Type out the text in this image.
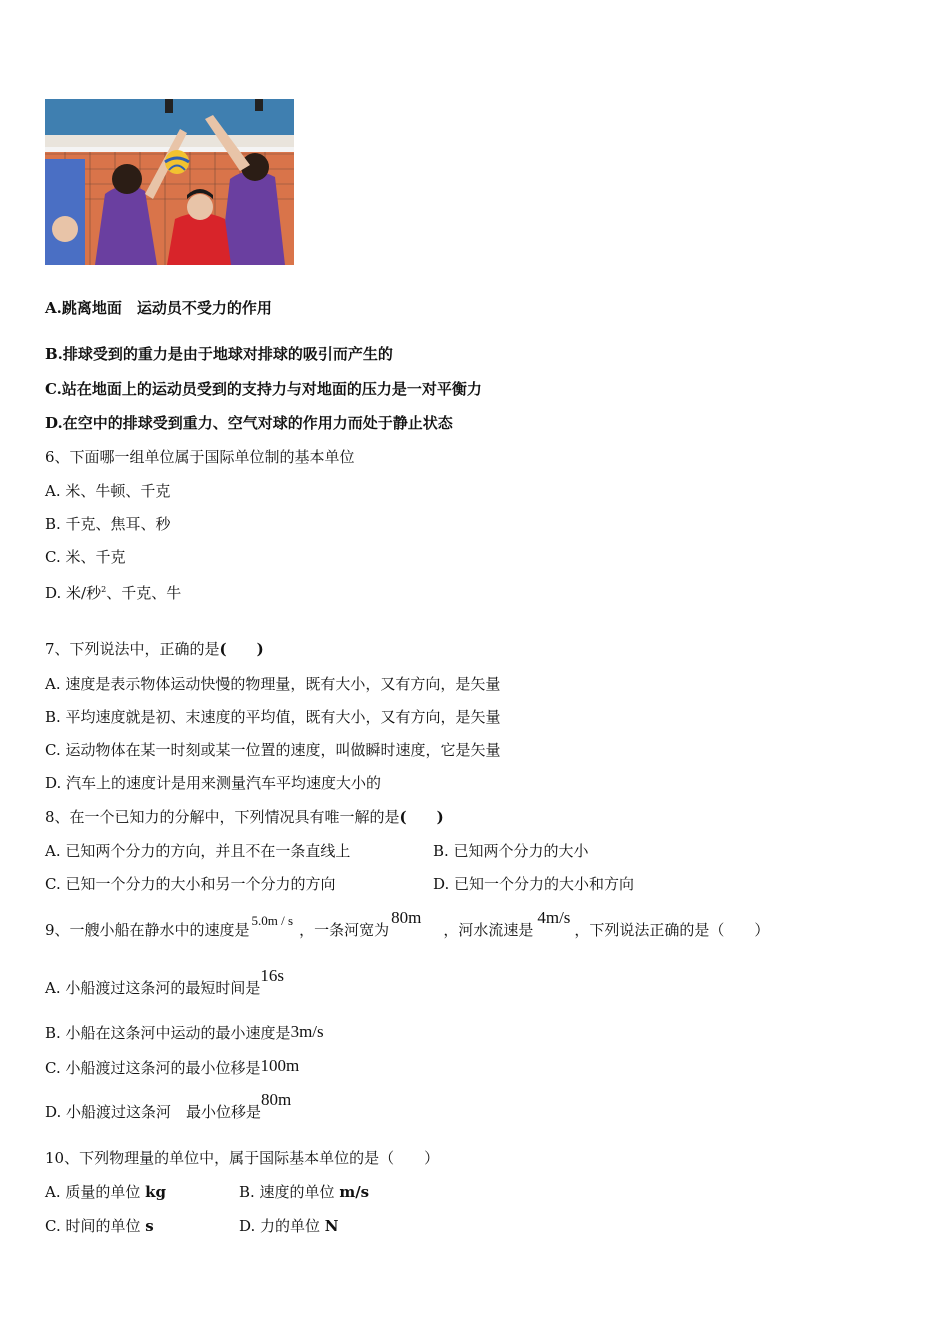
A.跳离地面　运动员不受力的作用
B.排球受到的重力是由于地球对排球的吸引而产生的
C.站在地面上的运动员受到的支持力与对地面的压力是一对平衡力
D.在空中的排球受到重力、空气对球的作用力而处于静止状态
6、下面哪一组单位属于国际单位制的基本单位
A. 米、牛顿、千克
B. 千克、焦耳、秒
C. 米、千克
D. 米/秒$^2$、千克、牛
7、下列说法中，正确的是(　　)
A. 速度是表示物体运动快慢的物理量，既有大小，又有方向，是矢量
B. 平均速度就是初、末速度的平均值，既有大小，又有方向，是矢量
C. 运动物体在某一时刻或某一位置的速度，叫做瞬时速度，它是矢量
D. 汽车上的速度计是用来测量汽车平均速度大小的
8、在一个已知力的分解中，下列情况具有唯一解的是(　　)
A. 已知两个分力的方向，并且不在一条直线上	B. 已知两个分力的大小
C. 已知一个分力的大小和另一个分力的方向	D. 已知一个分力的大小和方向
9、一艘小船在静水中的速度是5.0m / s，一条河宽为80m，河水流速是4m/s，下列说法正确的是（　　）
A. 小船渡过这条河的最短时间是16s
B. 小船在这条河中运动的最小速度是3m/s
C. 小船渡过这条河的最小位移是100m
D. 小船渡过这条河　最小位移是80m
10、下列物理量的单位中，属于国际基本单位的是（　　）
A. 质量的单位 kg	B. 速度的单位 m/s
C. 时间的单位 s	D. 力的单位 N
